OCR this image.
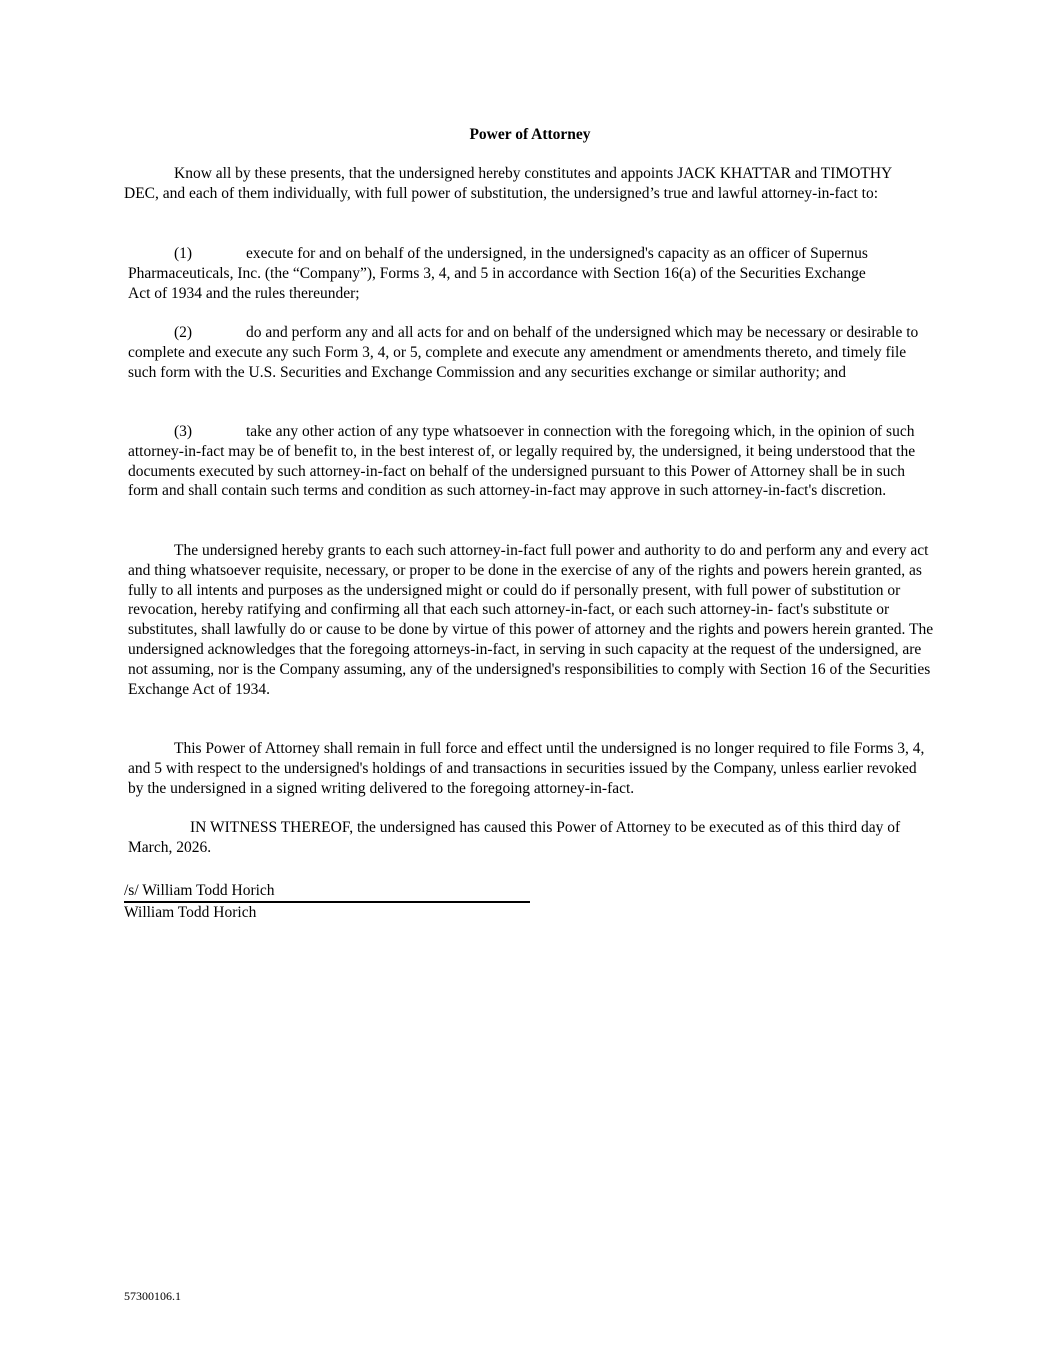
Power of Attorney

Know all by these presents, that the undersigned hereby constitutes and appoints JACK KHATTAR and TIMOTHY DEC, and each of them individually, with full power of substitution, the undersigned’s true and lawful attorney-in-fact to:

(1)	execute for and on behalf of the undersigned, in the undersigned's capacity as an officer of Supernus Pharmaceuticals, Inc. (the “Company”), Forms 3, 4, and 5 in accordance with Section 16(a) of the Securities Exchange Act of 1934 and the rules thereunder;

(2)	do and perform any and all acts for and on behalf of the undersigned which may be necessary or desirable to complete and execute any such Form 3, 4, or 5, complete and execute any amendment or amendments thereto, and timely file such form with the U.S. Securities and Exchange Commission and any securities exchange or similar authority; and

(3)	take any other action of any type whatsoever in connection with the foregoing which, in the opinion of such attorney-in-fact may be of benefit to, in the best interest of, or legally required by, the undersigned, it being understood that the documents executed by such attorney-in-fact on behalf of the undersigned pursuant to this Power of Attorney shall be in such form and shall contain such terms and condition as such attorney-in-fact may approve in such attorney-in-fact's discretion.

The undersigned hereby grants to each such attorney-in-fact full power and authority to do and perform any and every act and thing whatsoever requisite, necessary, or proper to be done in the exercise of any of the rights and powers herein granted, as fully to all intents and purposes as the undersigned might or could do if personally present, with full power of substitution or revocation, hereby ratifying and confirming all that each such attorney-in-fact, or each such attorney-in- fact's substitute or substitutes, shall lawfully do or cause to be done by virtue of this power of attorney and the rights and powers herein granted. The undersigned acknowledges that the foregoing attorneys-in-fact, in serving in such capacity at the request of the undersigned, are not assuming, nor is the Company assuming, any of the undersigned's responsibilities to comply with Section 16 of the Securities Exchange Act of 1934.

This Power of Attorney shall remain in full force and effect until the undersigned is no longer required to file Forms 3, 4, and 5 with respect to the undersigned's holdings of and transactions in securities issued by the Company, unless earlier revoked by the undersigned in a signed writing delivered to the foregoing attorney-in-fact.

IN WITNESS THEREOF, the undersigned has caused this Power of Attorney to be executed as of this third day of March, 2026.

/s/ William Todd Horich
William Todd Horich
57300106.1
